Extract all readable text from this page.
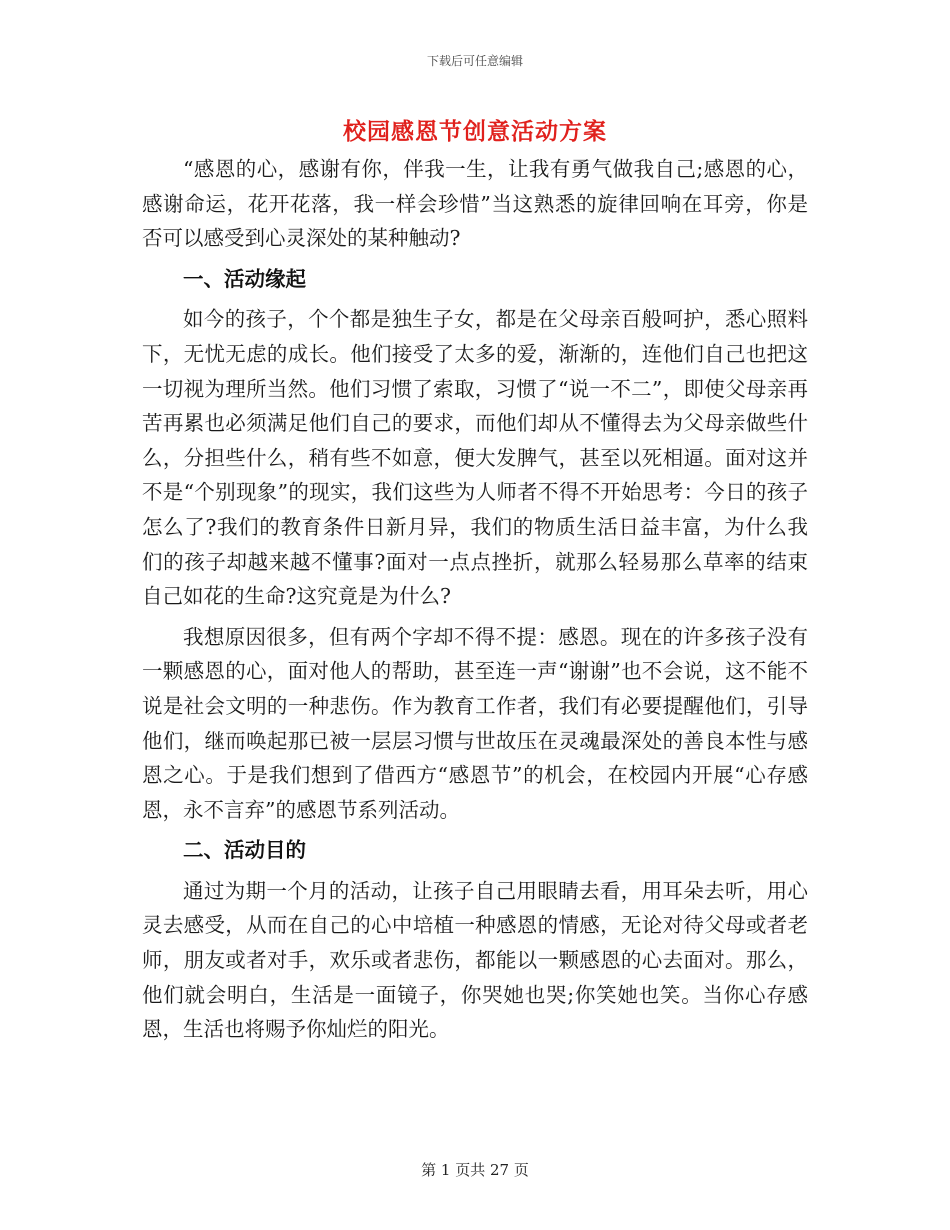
下载后可任意编辑
校园感恩节创意活动方案

“感恩的心，感谢有你，伴我一生，让我有勇气做我自己;感恩的心，感谢命运，花开花落，我一样会珍惜”当这熟悉的旋律回响在耳旁，你是否可以感受到心灵深处的某种触动?

一、活动缘起

如今的孩子，个个都是独生子女，都是在父母亲百般呵护，悉心照料下，无忧无虑的成长。他们接受了太多的爱，渐渐的，连他们自己也把这一切视为理所当然。他们习惯了索取，习惯了“说一不二”，即使父母亲再苦再累也必须满足他们自己的要求，而他们却从不懂得去为父母亲做些什么，分担些什么，稍有些不如意，便大发脾气，甚至以死相逼。面对这并不是“个别现象”的现实，我们这些为人师者不得不开始思考：今日的孩子怎么了?我们的教育条件日新月异，我们的物质生活日益丰富，为什么我们的孩子却越来越不懂事?面对一点点挫折，就那么轻易那么草率的结束自己如花的生命?这究竟是为什么?

我想原因很多，但有两个字却不得不提：感恩。现在的许多孩子没有一颗感恩的心，面对他人的帮助，甚至连一声“谢谢”也不会说，这不能不说是社会文明的一种悲伤。作为教育工作者，我们有必要提醒他们，引导他们，继而唤起那已被一层层习惯与世故压在灵魂最深处的善良本性与感恩之心。于是我们想到了借西方“感恩节”的机会，在校园内开展“心存感恩，永不言弃”的感恩节系列活动。

二、活动目的

通过为期一个月的活动，让孩子自己用眼睛去看，用耳朵去听，用心灵去感受，从而在自己的心中培植一种感恩的情感，无论对待父母或者老师，朋友或者对手，欢乐或者悲伤，都能以一颗感恩的心去面对。那么，他们就会明白，生活是一面镜子，你哭她也哭;你笑她也笑。当你心存感恩，生活也将赐予你灿烂的阳光。

第 1 页共 27 页
